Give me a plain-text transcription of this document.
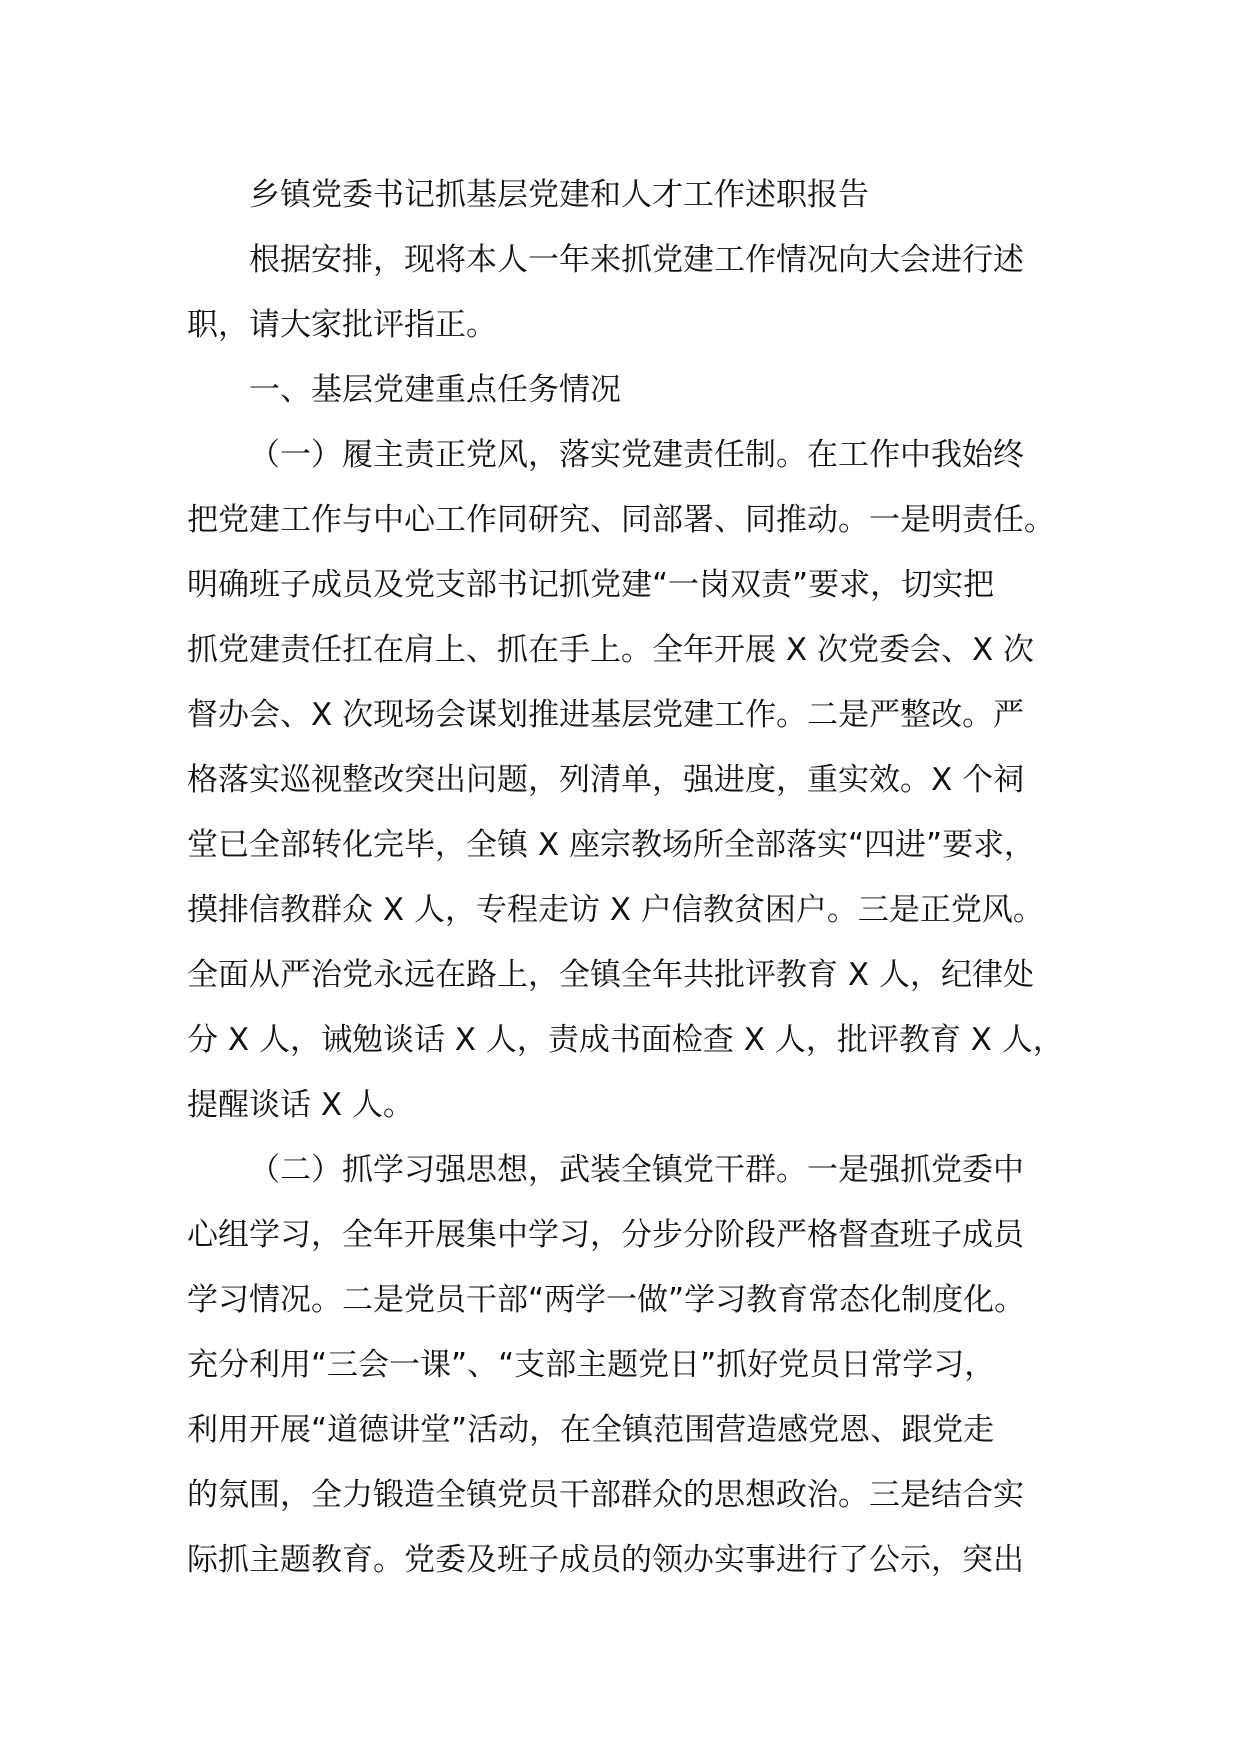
乡镇党委书记抓基层党建和人才工作述职报告
根据安排，现将本人一年来抓党建工作情况向大会进行述
职，请大家批评指正。
一、基层党建重点任务情况
（一）履主责正党风，落实党建责任制。在工作中我始终
把党建工作与中心工作同研究、同部署、同推动。一是明责任。
明确班子成员及党支部书记抓党建“一岗双责”要求，切实把
抓党建责任扛在肩上、抓在手上。全年开展 X 次党委会、X 次
督办会、X 次现场会谋划推进基层党建工作。二是严整改。严
格落实巡视整改突出问题，列清单，强进度，重实效。X 个祠
堂已全部转化完毕，全镇 X 座宗教场所全部落实“四进”要求，
摸排信教群众 X 人，专程走访 X 户信教贫困户。三是正党风。
全面从严治党永远在路上，全镇全年共批评教育 X 人，纪律处
分 X 人，诫勉谈话 X 人，责成书面检查 X 人，批评教育 X 人，
提醒谈话 X 人。
（二）抓学习强思想，武装全镇党干群。一是强抓党委中
心组学习，全年开展集中学习，分步分阶段严格督查班子成员
学习情况。二是党员干部“两学一做”学习教育常态化制度化。
充分利用“三会一课”、“支部主题党日”抓好党员日常学习，
利用开展“道德讲堂”活动，在全镇范围营造感党恩、跟党走
的氛围，全力锻造全镇党员干部群众的思想政治。三是结合实
际抓主题教育。党委及班子成员的领办实事进行了公示，突出
